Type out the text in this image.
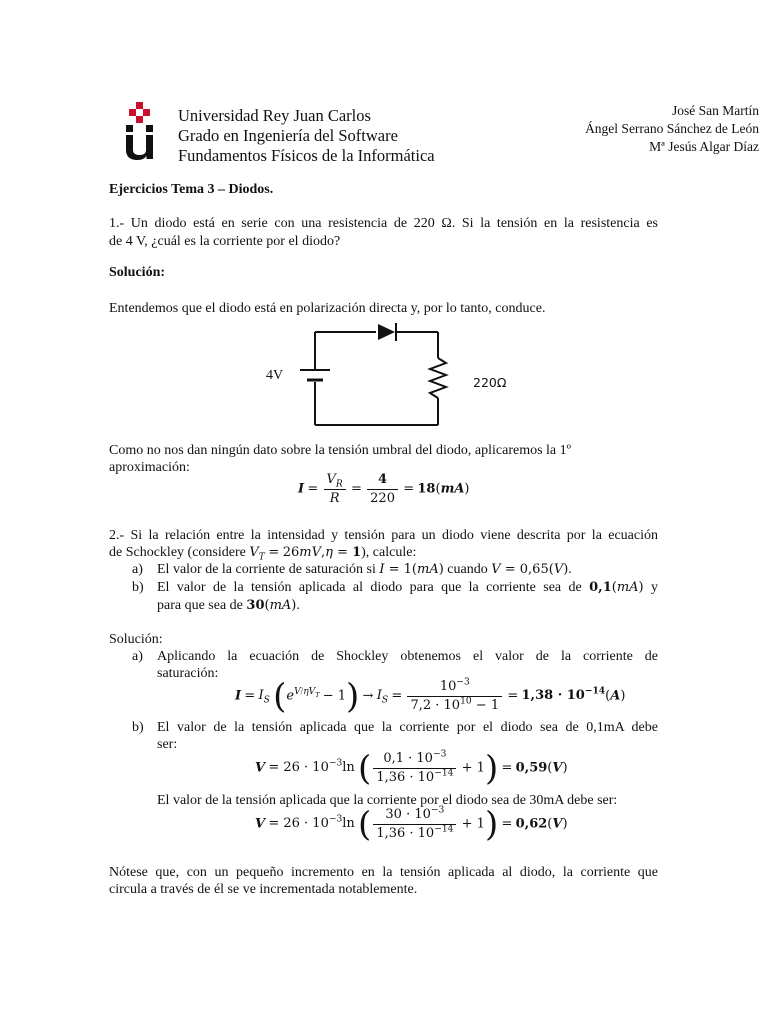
Universidad Rey Juan Carlos
Grado en Ingeniería del Software
Fundamentos Físicos de la Informática
José San Martín
Ángel Serrano Sánchez de León
Mª Jesús Algar Díaz
Ejercicios Tema 3 – Diodos.
1.- Un diodo está en serie con una resistencia de 220 Ω. Si la tensión en la resistencia es
de 4 V, ¿cuál es la corriente por el diodo?
Solución:
Entendemos que el diodo está en polarización directa y, por lo tanto, conduce.
4V	220Ω
Como no nos dan ningún dato sobre la tensión umbral del diodo, aplicaremos la 1º
aproximación:
$I = \frac{V_R}{R} = \frac{4}{220} = 18(mA)$
2.- Si la relación entre la intensidad y tensión para un diodo viene descrita por la ecuación
de Schockley (considere $V_T = 26mV,\eta = 1$), calcule:
a) El valor de la corriente de saturación si I = 1(mA) cuando V = 0,65(V).
b) El valor de la tensión aplicada al diodo para que la corriente sea de 0,1(mA) y
para que sea de 30(mA).
Solución:
a) Aplicando la ecuación de Shockley obtenemos el valor de la corriente de
saturación:
$I = I_S$ $(e^{V/\eta V_T} - 1) \to I_S = \frac{10^{-3}}{7,2 \cdot 10^{10} - 1} = 1,38 \cdot 10^{-14}(A)$
b) El valor de la tensión aplicada que la corriente por el diodo sea de 0,1mA debe
ser:
$V = 26 \cdot 10^{-3}\ln$ ( $\frac{0,1 \cdot 10^{-3}}{1,36 \cdot 10^{-14}} + 1) = 0,59(V)$
El valor de la tensión aplicada que la corriente por el diodo sea de 30mA debe ser:
$V = 26 \cdot 10^{-3}\ln$ ( $\frac{30 \cdot 10^{-3}}{1,36 \cdot 10^{-14}} + 1) = 0,62(V)$
Nótese que, con un pequeño incremento en la tensión aplicada al diodo, la corriente que
circula a través de él se ve incrementada notablemente.
